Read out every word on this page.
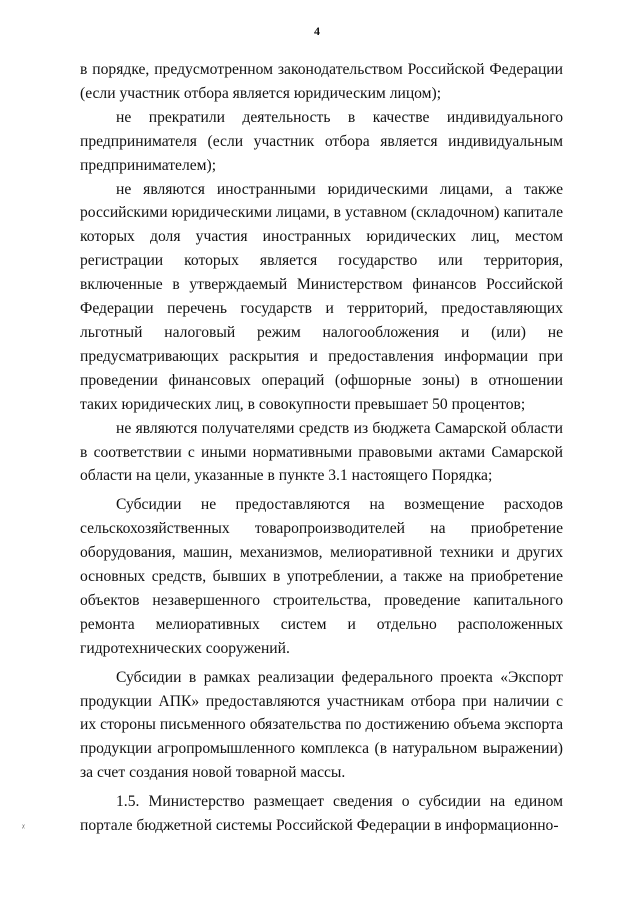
4

в порядке, предусмотренном законодательством Российской Федерации (если участник отбора является юридическим лицом);

не прекратили деятельность в качестве индивидуального предпринимателя (если участник отбора является индивидуальным предпринимателем);

не являются иностранными юридическими лицами, а также российскими юридическими лицами, в уставном (складочном) капитале которых доля участия иностранных юридических лиц, местом регистрации которых является государство или территория, включенные в утверждаемый Министерством финансов Российской Федерации перечень государств и территорий, предоставляющих льготный налоговый режим налогообложения и (или) не предусматривающих раскрытия и предоставления информации при проведении финансовых операций (офшорные зоны) в отношении таких юридических лиц, в совокупности превышает 50 процентов;

не являются получателями средств из бюджета Самарской области в соответствии с иными нормативными правовыми актами Самарской области на цели, указанные в пункте 3.1 настоящего Порядка;

Субсидии не предоставляются на возмещение расходов сельскохозяйственных товаропроизводителей на приобретение оборудования, машин, механизмов, мелиоративной техники и других основных средств, бывших в употреблении, а также на приобретение объектов незавершенного строительства, проведение капитального ремонта мелиоративных систем и отдельно расположенных гидротехнических сооружений.

Субсидии в рамках реализации федерального проекта «Экспорт продукции АПК» предоставляются участникам отбора при наличии с их стороны письменного обязательства по достижению объема экспорта продукции агропромышленного комплекса (в натуральном выражении) за счет создания новой товарной массы.

1.5. Министерство размещает сведения о субсидии на едином портале бюджетной системы Российской Федерации в информационно-

ᵡ
